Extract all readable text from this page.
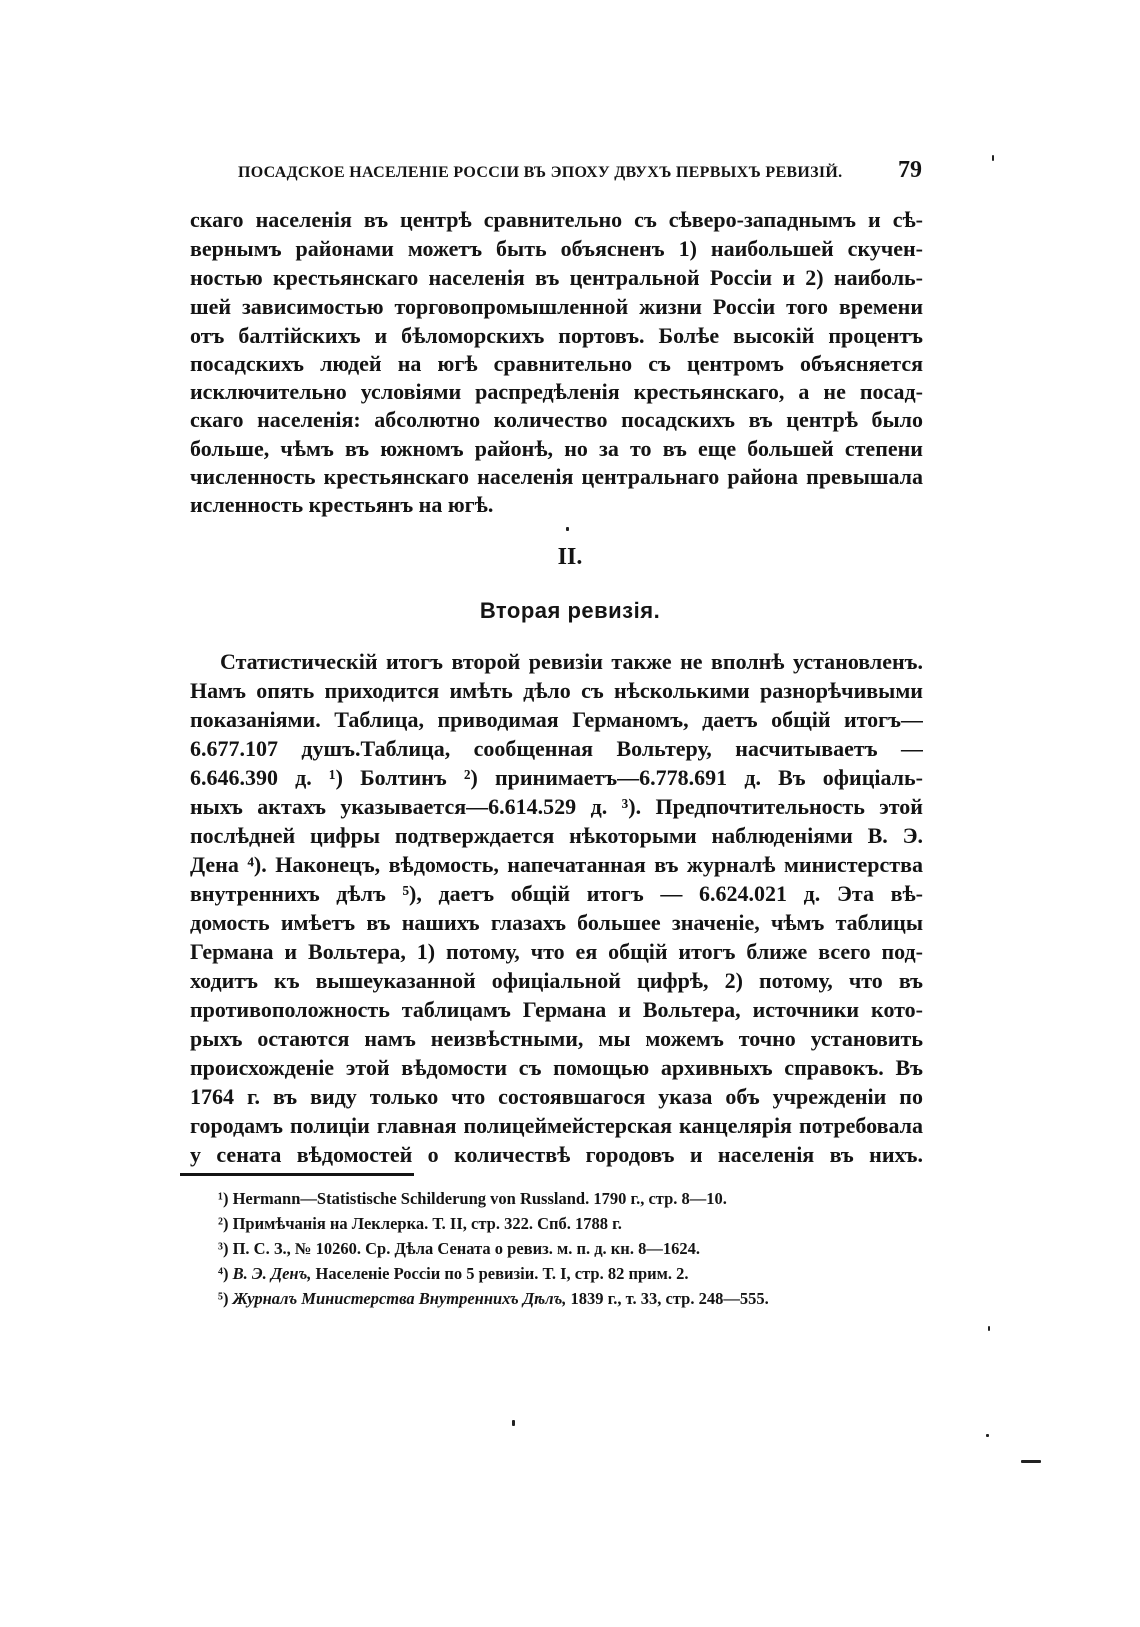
ПОСАДСКОЕ НАСЕЛЕНІЕ РОССІИ ВЪ ЭПОХУ ДВУХЪ ПЕРВЫХЪ РЕВИЗІЙ. 79
скаго населенія въ центрѣ сравнительно съ сѣверо-западнымъ и сѣ-
вернымъ районами можетъ быть объясненъ 1) наибольшей скучен-
ностью крестьянскаго населенія въ центральной Россіи и 2) наиболь-
шей зависимостью торговопромышленной жизни Россіи того времени
отъ балтійскихъ и бѣломорскихъ портовъ. Болѣе высокій процентъ
посадскихъ людей на югѣ сравнительно съ центромъ объясняется
исключительно условіями распредѣленія крестьянскаго, а не посад-
скаго населенія: абсолютно количество посадскихъ въ центрѣ было
больше, чѣмъ въ южномъ районѣ, но за то въ еще большей степени
численность крестьянскаго населенія центральнаго района превышала
исленность крестьянъ на югѣ.
II.
Вторая ревизія.
Статистическій итогъ второй ревизіи также не вполнѣ установленъ.
Намъ опять приходится имѣть дѣло съ нѣсколькими разнорѣчивыми
показаніями. Таблица, приводимая Германомъ, даетъ общій итогъ—
6.677.107 душъ.Таблица, сообщенная Вольтеру, насчитываетъ —
6.646.390 д. ¹) Болтинъ ²) принимаетъ—6.778.691 д. Въ офиціаль-
ныхъ актахъ указывается—6.614.529 д. ³). Предпочтительность этой
послѣдней цифры подтверждается нѣкоторыми наблюденіями В. Э.
Дена ⁴). Наконецъ, вѣдомость, напечатанная въ журналѣ министерства
внутреннихъ дѣлъ ⁵), даетъ общій итогъ — 6.624.021 д. Эта вѣ-
домость имѣетъ въ нашихъ глазахъ большее значеніе, чѣмъ таблицы
Германа и Вольтера, 1) потому, что ея общій итогъ ближе всего под-
ходитъ къ вышеуказанной офиціальной цифрѣ, 2) потому, что въ
противоположность таблицамъ Германа и Вольтера, источники кото-
рыхъ остаются намъ неизвѣстными, мы можемъ точно установить
происхожденіе этой вѣдомости съ помощью архивныхъ справокъ. Въ
1764 г. въ виду только что состоявшагося указа объ учрежденіи по
городамъ полиціи главная полицеймейстерская канцелярія потребовала
у сената вѣдомостей о количествѣ городовъ и населенія въ нихъ.
¹) Hermann—Statistische Schilderung von Russland. 1790 г., стр. 8—10.
²) Примѣчанія на Леклерка. Т. II, стр. 322. Спб. 1788 г.
³) П. С. З., № 10260. Ср. Дѣла Сената о ревиз. м. п. д. кн. 8—1624.
⁴) В. Э. Денъ, Населеніе Россіи по 5 ревизіи. Т. I, стр. 82 прим. 2.
⁵) Журналъ Министерства Внутреннихъ Дѣлъ, 1839 г., т. 33, стр. 248—555.
